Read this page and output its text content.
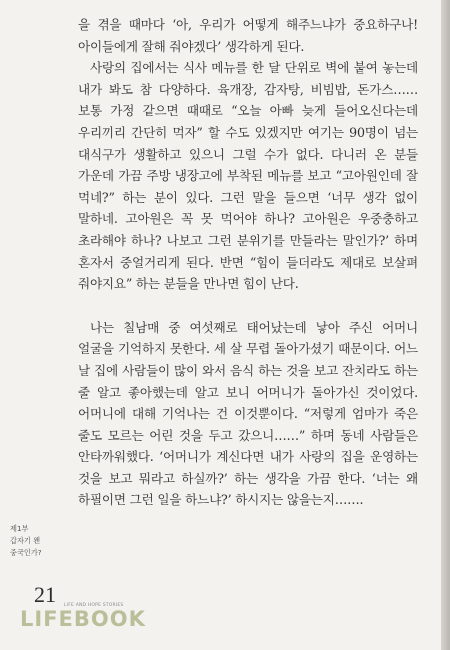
을 겪을 때마다 ‘아, 우리가 어떻게 해주느냐가 중요하구나! 아이들에게 잘해 줘야겠다’ 생각하게 된다.

사랑의 집에서는 식사 메뉴를 한 달 단위로 벽에 붙여 놓는데 내가 봐도 참 다양하다. 육개장, 감자탕, 비빔밥, 돈가스…… 보통 가정 같으면 때때로 “오늘 아빠 늦게 들어오신다는데 우리끼리 간단히 먹자” 할 수도 있겠지만 여기는 90명이 넘는 대식구가 생활하고 있으니 그럴 수가 없다. 다니러 온 분들 가운데 가끔 주방 냉장고에 부착된 메뉴를 보고 “고아원인데 잘 먹네?” 하는 분이 있다. 그런 말을 들으면 ‘너무 생각 없이 말하네. 고아원은 꼭 못 먹어야 하나? 고아원은 우중충하고 초라해야 하나? 나보고 그런 분위기를 만들라는 말인가?’ 하며 혼자서 중얼거리게 된다. 반면 “힘이 들더라도 제대로 보살펴 줘야지요” 하는 분들을 만나면 힘이 난다.

나는 칠남매 중 여섯째로 태어났는데 낳아 주신 어머니 얼굴을 기억하지 못한다. 세 살 무렵 돌아가셨기 때문이다. 어느 날 집에 사람들이 많이 와서 음식 하는 것을 보고 잔치라도 하는 줄 알고 좋아했는데 알고 보니 어머니가 돌아가신 것이었다. 어머니에 대해 기억나는 건 이것뿐이다. “저렇게 엄마가 죽은 줄도 모르는 어린 것을 두고 갔으니……” 하며 동네 사람들은 안타까워했다. ‘어머니가 계신다면 내가 사랑의 집을 운영하는 것을 보고 뭐라고 하실까?’ 하는 생각을 가끔 한다. ‘너는 왜 하필이면 그런 일을 하느냐?’ 하시지는 않을는지…….

제1부
갑자기 왠
중국인가?
21 LIFE AND HOPE STORIES
LIFEBOOK
